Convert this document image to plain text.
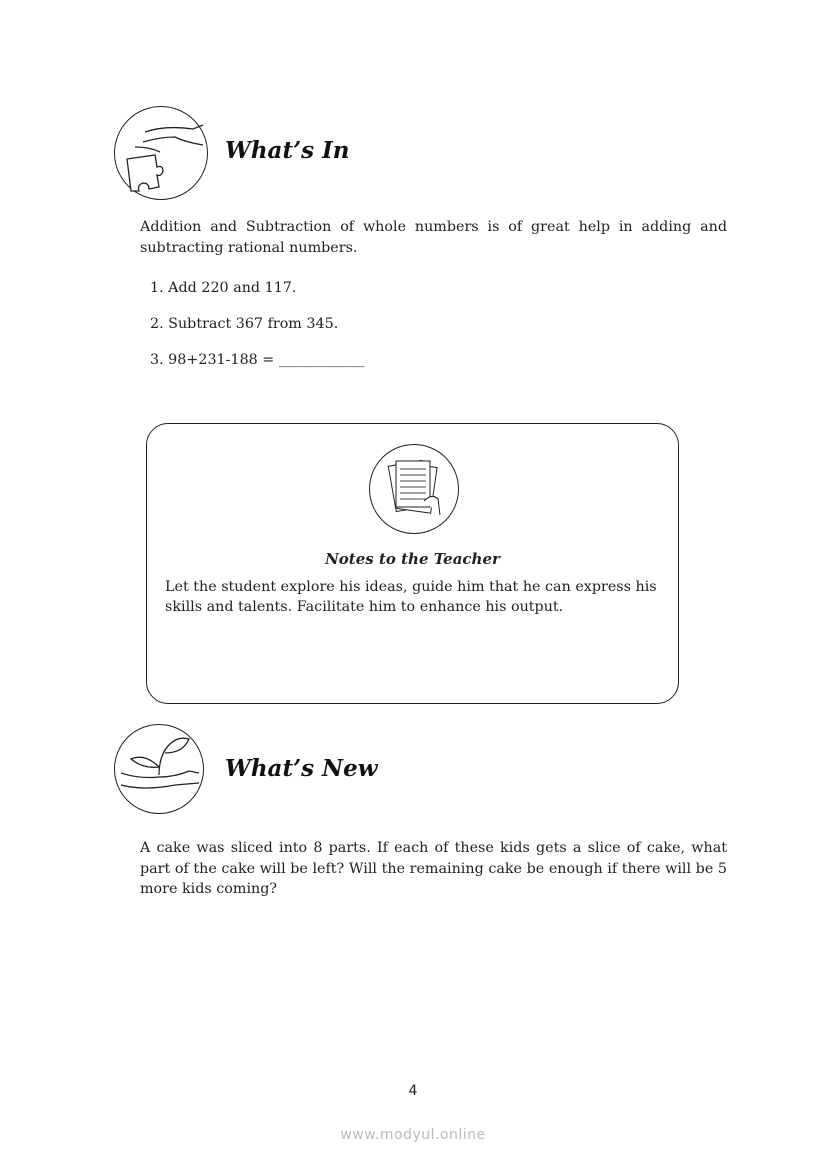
What’s In
Addition and Subtraction of whole numbers is of great help in adding and subtracting rational numbers.
1. Add 220 and 117.
2. Subtract 367 from 345.
3. 98+231-188 = ____________
Notes to the Teacher
Let the student explore his ideas, guide him that he can express his skills and talents. Facilitate him to enhance his output.
What’s New
A cake was sliced into 8 parts. If each of these kids gets a slice of cake, what part of the cake will be left? Will the remaining cake be enough if there will be 5 more kids coming?
4
www.modyul.online
